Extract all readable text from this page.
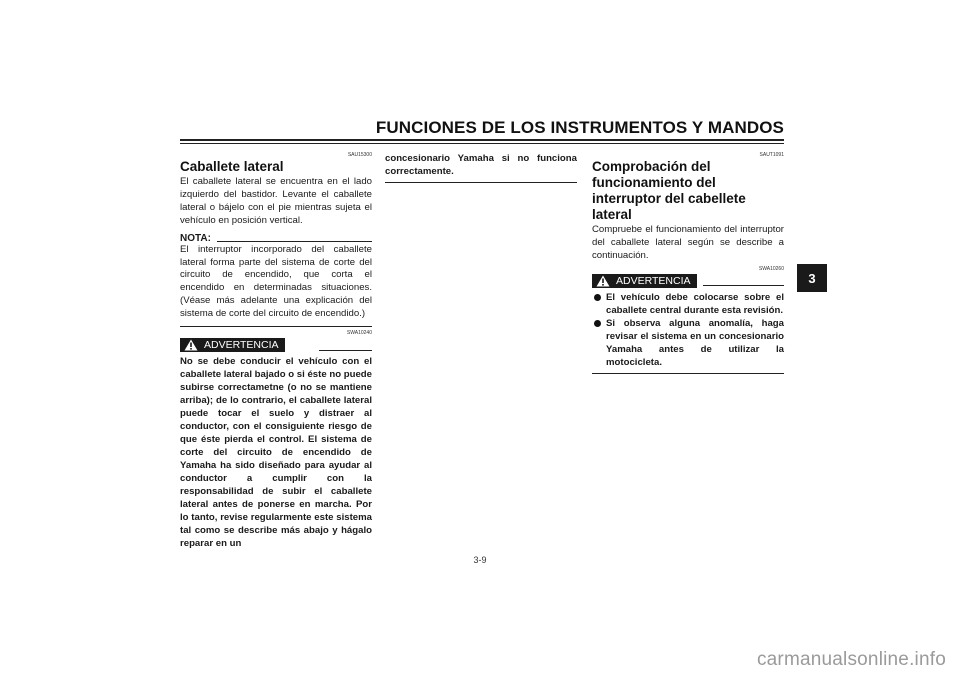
FUNCIONES DE LOS INSTRUMENTOS Y MANDOS
3
SAU15300
Caballete lateral
El caballete lateral se encuentra en el lado izquierdo del bastidor. Levante el caballete lateral o bájelo con el pie mientras sujeta el vehículo en posición vertical.
NOTA:
El interruptor incorporado del caballete lateral forma parte del sistema de corte del circuito de encendido, que corta el encendido en determinadas situaciones. (Véase más adelante una explicación del sistema de corte del circuito de encendido.)
SWA10240
ADVERTENCIA
No se debe conducir el vehículo con el caballete lateral bajado o si éste no puede subirse correctametne (o no se mantiene arriba); de lo contrario, el caballete lateral puede tocar el suelo y distraer al conductor, con el consiguiente riesgo de que éste pierda el control. El sistema de corte del circuito de encendido de Yamaha ha sido diseñado para ayudar al conductor a cumplir con la responsabilidad de subir el caballete lateral antes de ponerse en marcha. Por lo tanto, revise regularmente este sistema tal como se describe más abajo y hágalo reparar en un
concesionario Yamaha si no funciona correctamente.
SAUT1091
Comprobación del funcionamiento del interruptor del cabellete lateral
Compruebe el funcionamiento del interruptor del caballete lateral según se describe a continuación.
SWA10260
ADVERTENCIA
El vehículo debe colocarse sobre el caballete central durante esta revisión.
Si observa alguna anomalía, haga revisar el sistema en un concesionario Yamaha antes de utilizar la motocicleta.
3-9
carmanualsonline.info
